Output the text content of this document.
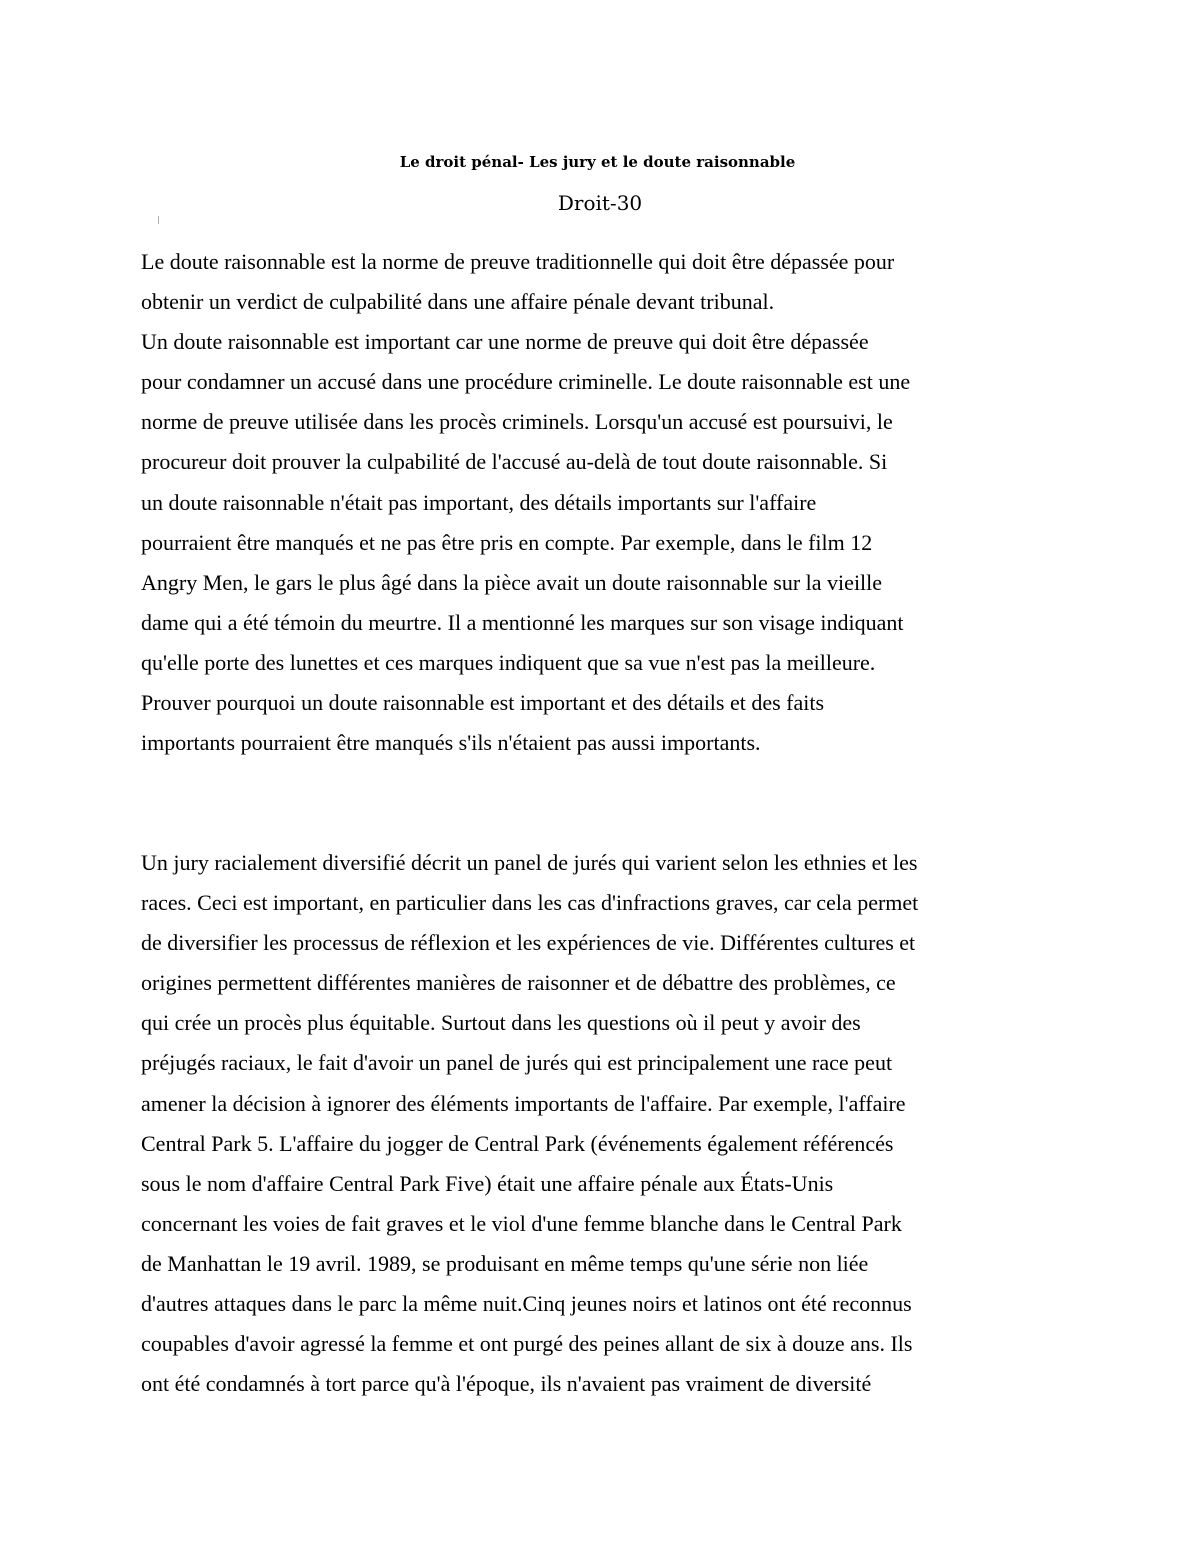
Le droit pénal- Les jury et le doute raisonnable
Droit-30
Le doute raisonnable est la norme de preuve traditionnelle qui doit être dépassée pour
obtenir un verdict de culpabilité dans une affaire pénale devant tribunal.
Un doute raisonnable est important car une norme de preuve qui doit être dépassée
pour condamner un accusé dans une procédure criminelle. Le doute raisonnable est une
norme de preuve utilisée dans les procès criminels. Lorsqu'un accusé est poursuivi, le
procureur doit prouver la culpabilité de l'accusé au-delà de tout doute raisonnable. Si
un doute raisonnable n'était pas important, des détails importants sur l'affaire
pourraient être manqués et ne pas être pris en compte. Par exemple, dans le film 12
Angry Men, le gars le plus âgé dans la pièce avait un doute raisonnable sur la vieille
dame qui a été témoin du meurtre. Il a mentionné les marques sur son visage indiquant
qu'elle porte des lunettes et ces marques indiquent que sa vue n'est pas la meilleure.
Prouver pourquoi un doute raisonnable est important et des détails et des faits
importants pourraient être manqués s'ils n'étaient pas aussi importants.
Un jury racialement diversifié décrit un panel de jurés qui varient selon les ethnies et les
races. Ceci est important, en particulier dans les cas d'infractions graves, car cela permet
de diversifier les processus de réflexion et les expériences de vie. Différentes cultures et
origines permettent différentes manières de raisonner et de débattre des problèmes, ce
qui crée un procès plus équitable. Surtout dans les questions où il peut y avoir des
préjugés raciaux, le fait d'avoir un panel de jurés qui est principalement une race peut
amener la décision à ignorer des éléments importants de l'affaire. Par exemple, l'affaire
Central Park 5. L'affaire du jogger de Central Park (événements également référencés
sous le nom d'affaire Central Park Five) était une affaire pénale aux États-Unis
concernant les voies de fait graves et le viol d'une femme blanche dans le Central Park
de Manhattan le 19 avril. 1989, se produisant en même temps qu'une série non liée
d'autres attaques dans le parc la même nuit.Cinq jeunes noirs et latinos ont été reconnus
coupables d'avoir agressé la femme et ont purgé des peines allant de six à douze ans. Ils
ont été condamnés à tort parce qu'à l'époque, ils n'avaient pas vraiment de diversité
